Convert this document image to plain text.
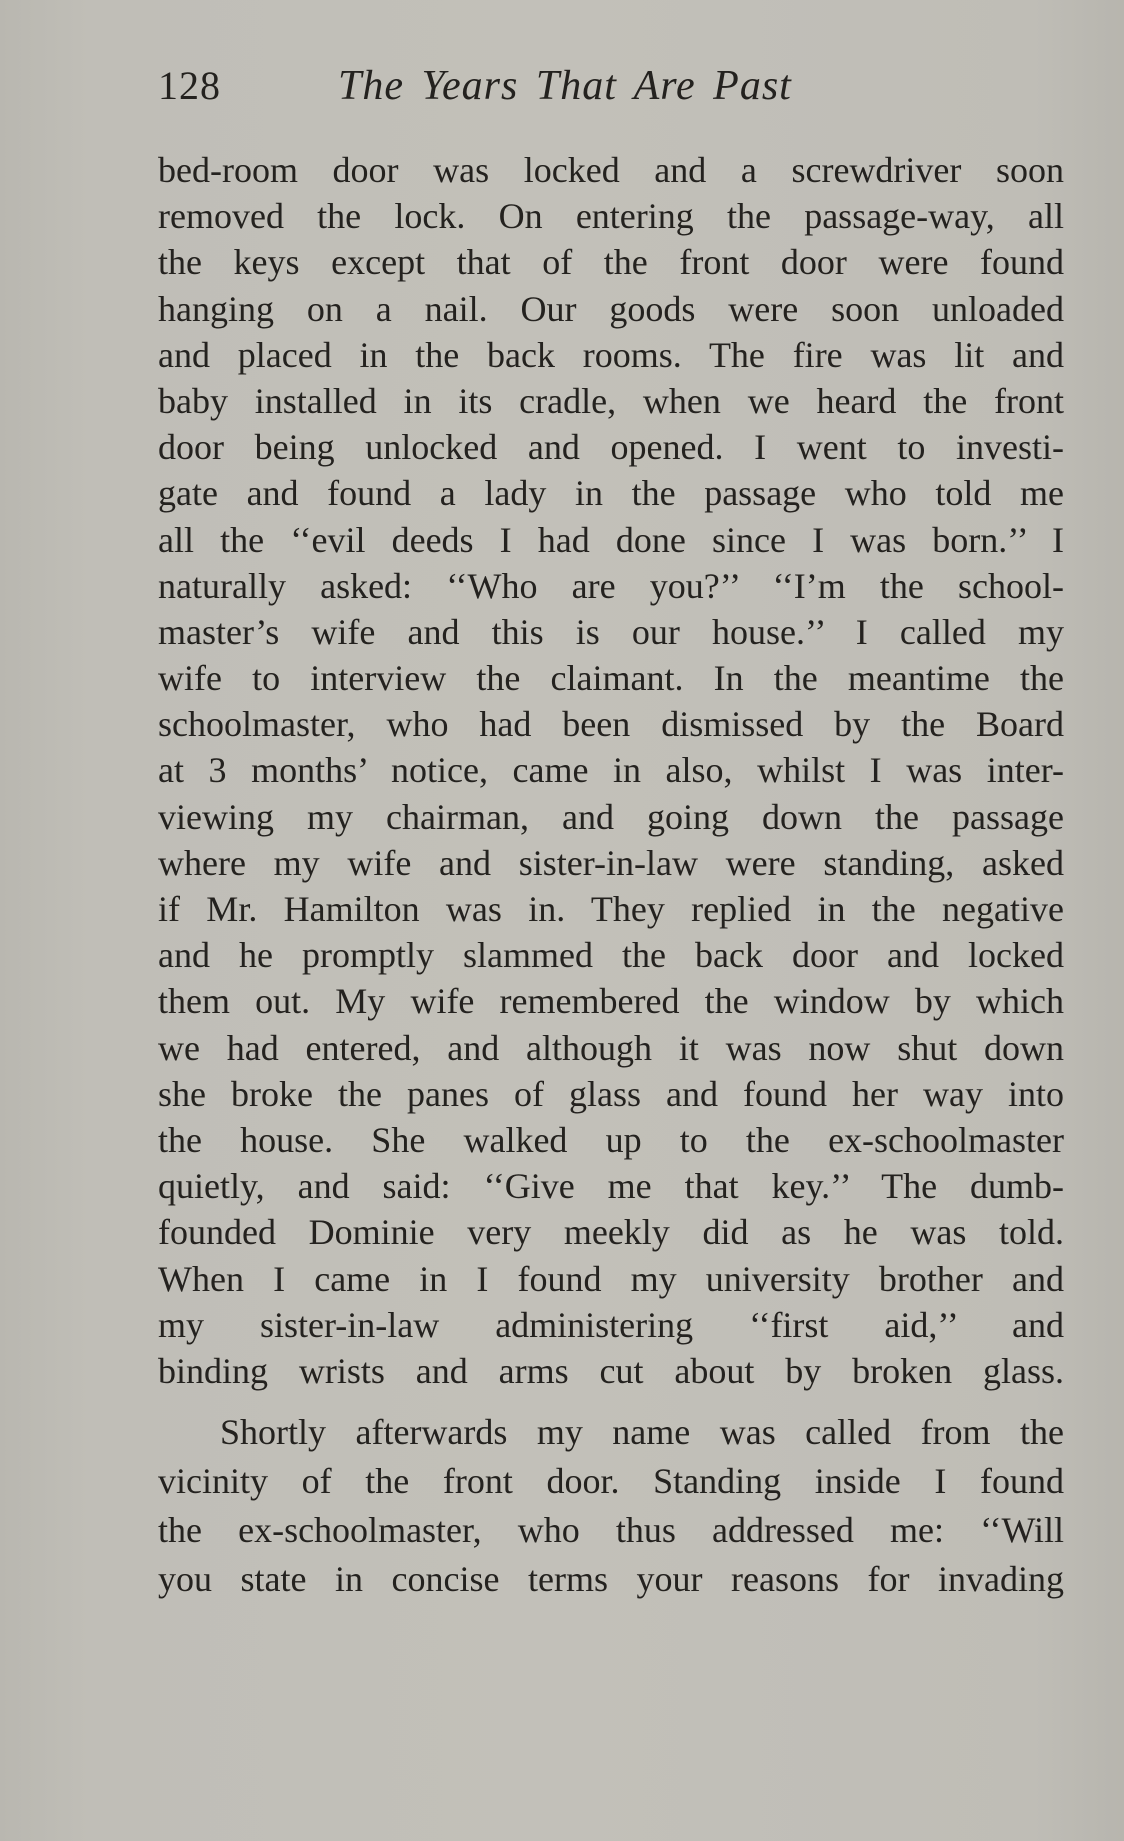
128	The Years That Are Past
bed-room door was locked and a screwdriver soon
removed the lock. On entering the passage-way, all
the keys except that of the front door were found
hanging on a nail. Our goods were soon unloaded
and placed in the back rooms. The fire was lit and
baby installed in its cradle, when we heard the front
door being unlocked and opened. I went to investi-
gate and found a lady in the passage who told me
all the ‘‘evil deeds I had done since I was born.’’ I
naturally asked: ‘‘Who are you?’’ ‘‘I’m the school-
master’s wife and this is our house.’’ I called my
wife to interview the claimant. In the meantime the
schoolmaster, who had been dismissed by the Board
at 3 months’ notice, came in also, whilst I was inter-
viewing my chairman, and going down the passage
where my wife and sister-in-law were standing, asked
if Mr. Hamilton was in. They replied in the negative
and he promptly slammed the back door and locked
them out. My wife remembered the window by which
we had entered, and although it was now shut down
she broke the panes of glass and found her way into
the house. She walked up to the ex-schoolmaster
quietly, and said: ‘‘Give me that key.’’ The dumb-
founded Dominie very meekly did as he was told.
When I came in I found my university brother and
my sister-in-law administering ‘‘first aid,’’ and
binding wrists and arms cut about by broken glass.
Shortly afterwards my name was called from the
vicinity of the front door. Standing inside I found
the ex-schoolmaster, who thus addressed me: ‘‘Will
you state in concise terms your reasons for invading
